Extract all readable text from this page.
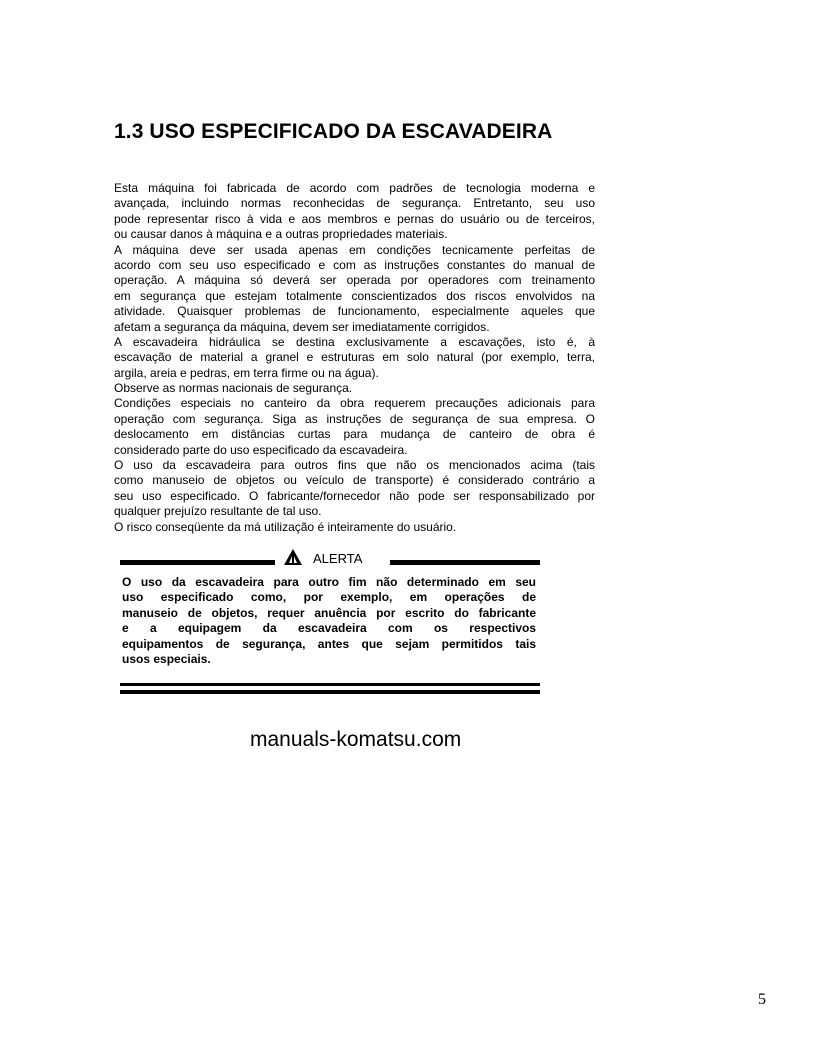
1.3 USO ESPECIFICADO DA ESCAVADEIRA
Esta máquina foi fabricada de acordo com padrões de tecnologia moderna e
avançada, incluindo normas reconhecidas de segurança. Entretanto, seu uso
pode representar risco à vida e aos membros e pernas do usuário ou de terceiros,
ou causar danos à máquina e a outras propriedades materiais.
A máquina deve ser usada apenas em condições tecnicamente perfeitas de
acordo com seu uso especificado e com as instruções constantes do manual de
operação. A máquina só deverá ser operada por operadores com treinamento
em segurança que estejam totalmente conscientizados dos riscos envolvidos na
atividade. Quaisquer problemas de funcionamento, especialmente aqueles que
afetam a segurança da máquina, devem ser imediatamente corrigidos.
A escavadeira hidráulica se destina exclusivamente a escavações, isto é, à
escavação de material a granel e estruturas em solo natural (por exemplo, terra,
argila, areia e pedras, em terra firme ou na água).
Observe as normas nacionais de segurança.
Condições especiais no canteiro da obra requerem precauções adicionais para
operação com segurança. Siga as instruções de segurança de sua empresa. O
deslocamento em distâncias curtas para mudança de canteiro de obra é
considerado parte do uso especificado da escavadeira.
O uso da escavadeira para outros fins que não os mencionados acima (tais
como manuseio de objetos ou veículo de transporte) é considerado contrário a
seu uso especificado. O fabricante/fornecedor não pode ser responsabilizado por
qualquer prejuízo resultante de tal uso.
O risco conseqüente da má utilização é inteiramente do usuário.
manuals-komatsu.com
ALERTA
O uso da escavadeira para outro fim não determinado em seu
uso especificado como, por exemplo, em operações de
manuseio de objetos, requer anuência por escrito do fabricante
e a equipagem da escavadeira com os respectivos
equipamentos de segurança, antes que sejam permitidos tais
usos especiais.
5
